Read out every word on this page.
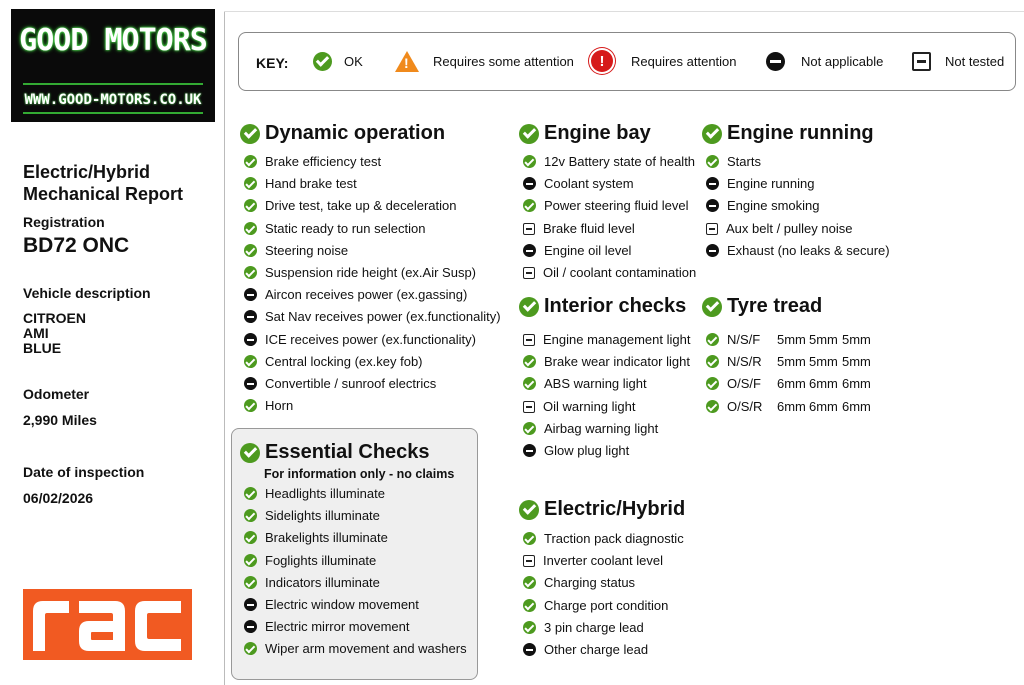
GOOD MOTORS
WWW.GOOD-MOTORS.CO.UK
Electric/Hybrid
Mechanical Report
Registration
BD72 ONC
Vehicle description
CITROEN
AMI
BLUE
Odometer
2,990 Miles
Date of inspection
06/02/2026
KEY:	OK
!	Requires some attention	!	Requires attention	Not applicable	Not tested
Dynamic operation	Engine bay	Engine running
Interior checks Tyre tread
Essential Checks
For information only - no claims
Electric/Hybrid
Brake efficiency test
Hand brake test
Drive test, take up & deceleration
Static ready to run selection
Steering noise
Suspension ride height (ex.Air Susp)
Aircon receives power (ex.gassing)
Sat Nav receives power (ex.functionality)
ICE receives power (ex.functionality)
Central locking (ex.key fob)
Convertible / sunroof electrics
Horn
Headlights illuminate
Sidelights illuminate
Brakelights illuminate
Foglights illuminate
Indicators illuminate
Electric window movement
Electric mirror movement
Wiper arm movement and washers
12v Battery state of health
Coolant system
Power steering fluid level
Brake fluid level
Engine oil level
Oil / coolant contamination
Engine management light
Brake wear indicator light
ABS warning light
Oil warning light
Airbag warning light
Glow plug light
Traction pack diagnostic
Inverter coolant level
Charging status
Charge port condition
3 pin charge lead
Other charge lead
Starts
Engine running
Engine smoking
Aux belt / pulley noise
Exhaust (no leaks & secure)
N/S/F 5mm 5mm 5mm
N/S/R 5mm 5mm 5mm
O/S/F 6mm 6mm 6mm
O/S/R 6mm 6mm 6mm
